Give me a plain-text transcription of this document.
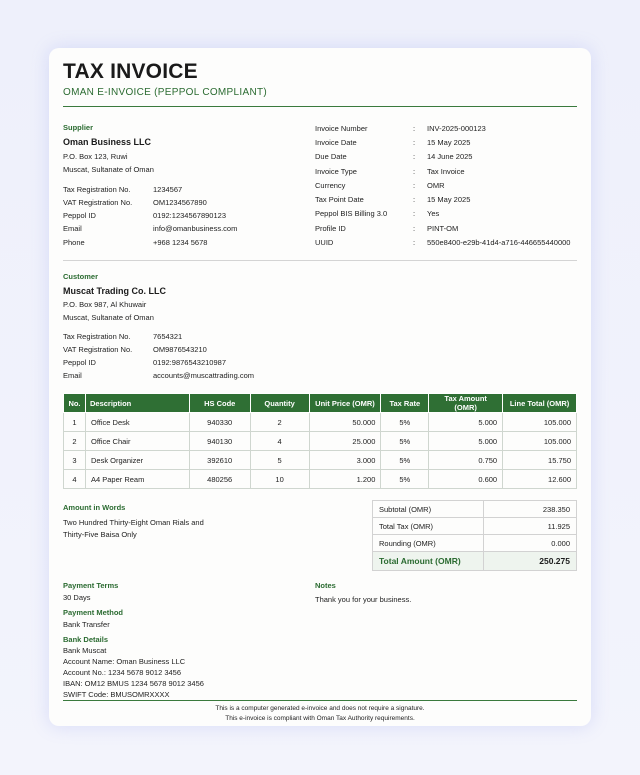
TAX INVOICE
OMAN E-INVOICE (PEPPOL COMPLIANT)
Supplier
Oman Business LLC
P.O. Box 123, Ruwi
Muscat, Sultanate of Oman
Tax Registration No.	1234567
VAT Registration No.	OM1234567890
Peppol ID	0192:1234567890123
Email	info@omanbusiness.com
Phone	+968 1234 5678
Invoice Number	: INV-2025-000123
Invoice Date	: 15 May 2025
Due Date	: 14 June 2025
Invoice Type	: Tax Invoice
Currency	: OMR
Tax Point Date	: 15 May 2025
Peppol BIS Billing 3.0	: Yes
Profile ID	: PINT-OM
UUID	: 550e8400-e29b-41d4-a716-446655440000
Customer
Muscat Trading Co. LLC
P.O. Box 987, Al Khuwair
Muscat, Sultanate of Oman
Tax Registration No.	7654321
VAT Registration No.	OM9876543210
Peppol ID	0192:9876543210987
Email	accounts@muscattrading.com
No.	Description	HS Code	Quantity	Unit Price (OMR)	Tax Rate	Tax Amount (OMR)	Line Total (OMR)
1	Office Desk	940330	2	50.000	5%	5.000	105.000
2	Office Chair	940130	4	25.000	5%	5.000	105.000
3	Desk Organizer	392610	5	3.000	5%	0.750	15.750
4	A4 Paper Ream	480256	10	1.200	5%	0.600	12.600
Amount in Words
Two Hundred Thirty-Eight Oman Rials and
Thirty-Five Baisa Only
Subtotal (OMR)	238.350
Total Tax (OMR)	11.925
Rounding (OMR)	0.000
Total Amount (OMR)	250.275
Payment Terms
30 Days
Payment Method
Bank Transfer
Notes
Thank you for your business.
Bank Details
Bank Muscat
Account Name: Oman Business LLC
Account No.: 1234 5678 9012 3456
IBAN: OM12 BMUS 1234 5678 9012 3456
SWIFT Code: BMUSOMRXXXX
This is a computer generated e-invoice and does not require a signature.
This e-invoice is compliant with Oman Tax Authority requirements.
